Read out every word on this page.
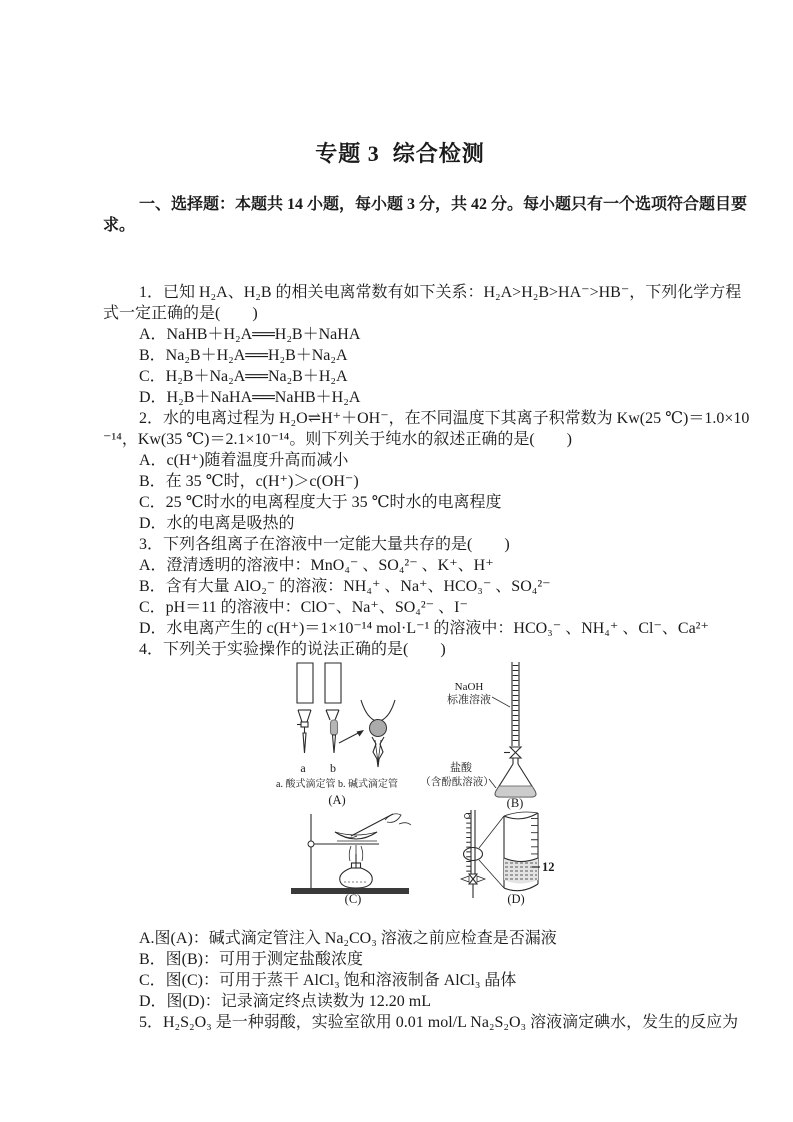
专题 3  综合检测

一、选择题：本题共 14 小题，每小题 3 分，共 42 分。每小题只有一个选项符合题目要

求。

1．已知 H₂A、H₂B 的相关电离常数有如下关系：H₂A>H₂B>HA⁻>HB⁻，下列化学方程

式一定正确的是(　　)

A．NaHB＋H₂A══H₂B＋NaHA

B．Na₂B＋H₂A══H₂B＋Na₂A

C．H₂B＋Na₂A══Na₂B＋H₂A

D．H₂B＋NaHA══NaHB＋H₂A

2．水的电离过程为 H₂O⇌H⁺＋OH⁻，在不同温度下其离子积常数为 Kw(25 ℃)＝1.0×10

⁻¹⁴，Kw(35 ℃)＝2.1×10⁻¹⁴。则下列关于纯水的叙述正确的是(　　)

A．c(H⁺)随着温度升高而减小

B．在 35 ℃时，c(H⁺)＞c(OH⁻)

C．25 ℃时水的电离程度大于 35 ℃时水的电离程度

D．水的电离是吸热的

3．下列各组离子在溶液中一定能大量共存的是(　　)

A．澄清透明的溶液中：MnO₄⁻ 、SO₄²⁻ 、K⁺、H⁺

B．含有大量 AlO₂⁻ 的溶液：NH₄⁺ 、Na⁺、HCO₃⁻ 、SO₄²⁻

C．pH＝11 的溶液中：ClO⁻、Na⁺、SO₄²⁻ 、I⁻

D．水电离产生的 c(H⁺)＝1×10⁻¹⁴ mol·L⁻¹ 的溶液中：HCO₃⁻ 、NH₄⁺ 、Cl⁻、Ca²⁺

4．下列关于实验操作的说法正确的是(　　)

a b
a. 酸式滴定管 b. 碱式滴定管
(A)
NaOH
标准溶液
盐酸
（含酚酞溶液）
(B)
(C)
12
(D)

A.图(A)：碱式滴定管注入 Na₂CO₃ 溶液之前应检查是否漏液

B．图(B)：可用于测定盐酸浓度

C．图(C)：可用于蒸干 AlCl₃ 饱和溶液制备 AlCl₃ 晶体

D．图(D)：记录滴定终点读数为 12.20 mL

5．H₂S₂O₃ 是一种弱酸，实验室欲用 0.01 mol/L Na₂S₂O₃ 溶液滴定碘水，发生的反应为
